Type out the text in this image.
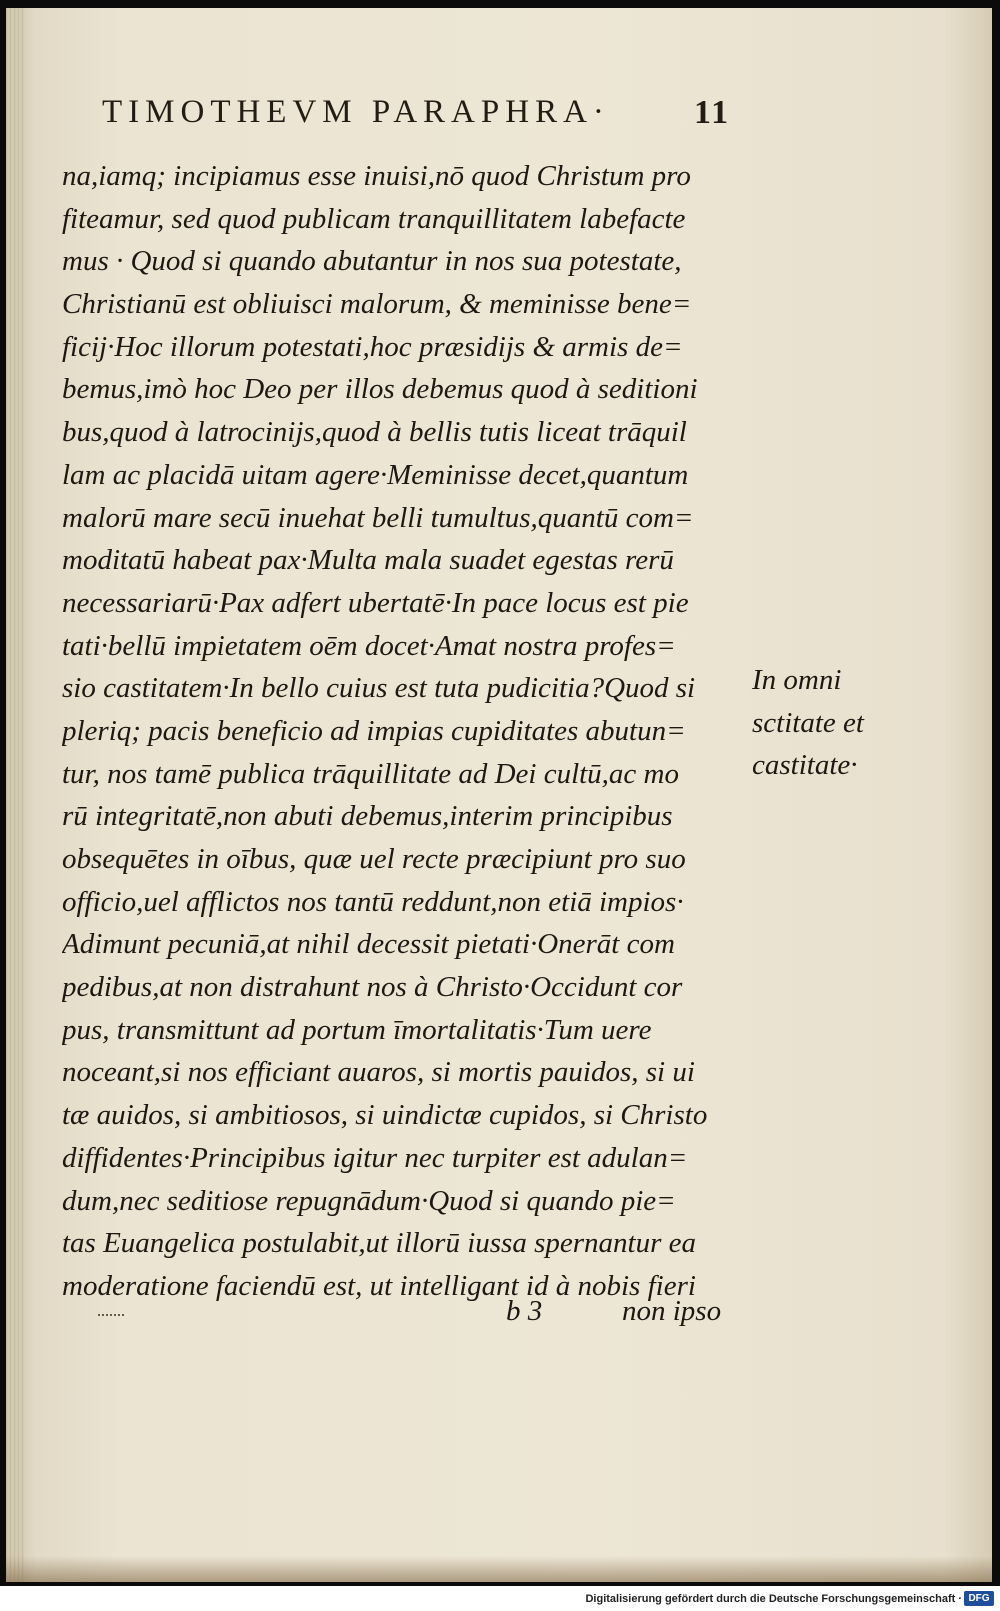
TIMOTHEVM PARAPHRA·	11
na,iamq; incipiamus esse inuisi,nō quod Christum pro
fiteamur, sed quod publicam tranquillitatem labefacte
mus · Quod si quando abutantur in nos sua potestate,
Christianū est obliuisci malorum, & meminisse bene=
ficij·Hoc illorum potestati,hoc præsidijs & armis de=
bemus,imò hoc Deo per illos debemus quod à seditioni
bus,quod à latrocinijs,quod à bellis tutis liceat trāquil
lam ac placidā uitam agere·Meminisse decet,quantum
malorū mare secū inuehat belli tumultus,quantū com=
moditatū habeat pax·Multa mala suadet egestas rerū
necessariarū·Pax adfert ubertatē·In pace locus est pie
tati·bellū impietatem oēm docet·Amat nostra profes=
sio castitatem·In bello cuius est tuta pudicitia?Quod si
pleriq; pacis beneficio ad impias cupiditates abutun=
tur, nos tamē publica trāquillitate ad Dei cultū,ac mo
rū integritatē,non abuti debemus,interim principibus
obsequētes in oībus, quæ uel recte præcipiunt pro suo
officio,uel afflictos nos tantū reddunt,non etiā impios·
Adimunt pecuniā,at nihil decessit pietati·Onerāt com
pedibus,at non distrahunt nos à Christo·Occidunt cor
pus, transmittunt ad portum īmortalitatis·Tum uere
noceant,si nos efficiant auaros, si mortis pauidos, si ui
tæ auidos, si ambitiosos, si uindictæ cupidos, si Christo
diffidentes·Principibus igitur nec turpiter est adulan=
dum,nec seditiose repugnādum·Quod si quando pie=
tas Euangelica postulabit,ut illorū iussa spernantur ea
moderatione faciendū est, ut intelligant id à nobis fieri
In omni
sctitate et
castitate·
b 3	non ipso
Digitalisierung gefördert durch die Deutsche Forschungsgemeinschaft · DFG
